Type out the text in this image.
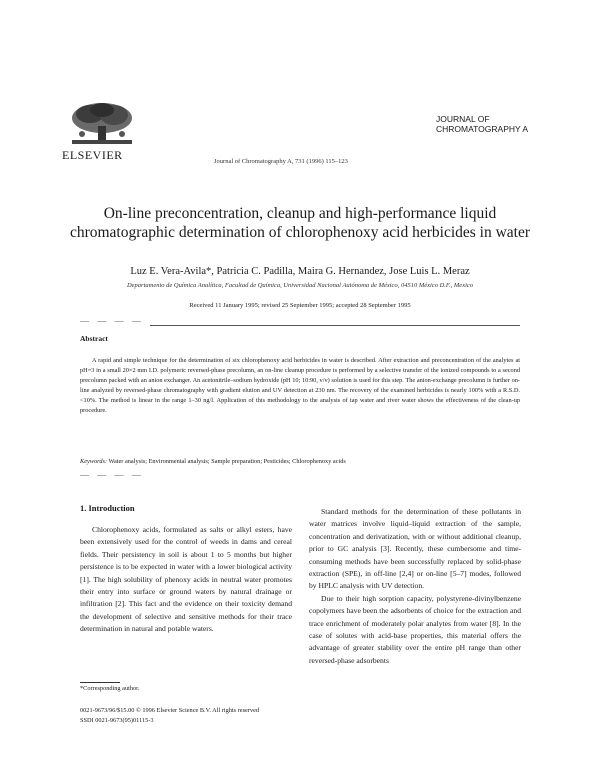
ELSEVIER	Journal of Chromatography A, 731 (1996) 115–123
JOURNAL OF
CHROMATOGRAPHY A
On-line preconcentration, cleanup and high-performance liquid chromatographic determination of chlorophenoxy acid herbicides in water
Luz E. Vera-Avila*, Patricia C. Padilla, Maira G. Hernandez, Jose Luis L. Meraz
Departamento de Química Analítica, Facultad de Química, Universidad Nacional Autónoma de México, 04510 México D.F., Mexico
Received 11 January 1995; revised 25 September 1995; accepted 28 September 1995
— — — —
Abstract
A rapid and simple technique for the determination of six chlorophenoxy acid herbicides in water is described. After extraction and preconcentration of the analytes at pH=3 in a small 20×2 mm I.D. polymeric reversed-phase precolumn, an on-line cleanup procedure is performed by a selective transfer of the ionized compounds to a second precolumn packed with an anion exchanger. An acetonitrile–sodium hydroxide (pH 10; 10:90, v/v) solution is used for this step. The anion-exchange precolumn is further on-line analyzed by reversed-phase chromatography with gradient elution and UV detection at 230 nm. The recovery of the examined herbicides is nearly 100% with a R.S.D.<10%. The method is linear in the range 1–30 ng/l. Application of this methodology to the analysis of tap water and river water shows the effectiveness of the clean-up procedure.
Keywords: Water analysis; Environmental analysis; Sample preparation; Pesticides; Chlorophenoxy acids
— — — —
1. Introduction

Chlorophenoxy acids, formulated as salts or alkyl esters, have been extensively used for the control of weeds in dams and cereal fields. Their persistency in soil is about 1 to 5 months but higher persistence is to be expected in water with a lower biological activity [1]. The high solubility of phenoxy acids in neutral water promotes their entry into surface or ground waters by natural drainage or infiltration [2]. This fact and the evidence on their toxicity demand the development of selective and sensitive methods for their trace determination in natural and potable waters.

Standard methods for the determination of these pollutants in water matrices involve liquid–liquid extraction of the sample, concentration and derivatization, with or without additional cleanup, prior to GC analysis [3]. Recently, these cumbersome and time-consuming methods have been successfully replaced by solid-phase extraction (SPE), in off-line [2,4] or on-line [5–7] modes, followed by HPLC analysis with UV detection.

Due to their high sorption capacity, polystyrene-divinylbenzene copolymers have been the adsorbents of choice for the extraction and trace enrichment of moderately polar analytes from water [8]. In the case of solutes with acid-base properties, this material offers the advantage of greater stability over the entire pH range than other reversed-phase adsorbents

*Corresponding author.
0021-9673/96/$15.00 © 1996 Elsevier Science B.V. All rights reserved
SSDI 0021-9673(95)01115-3
